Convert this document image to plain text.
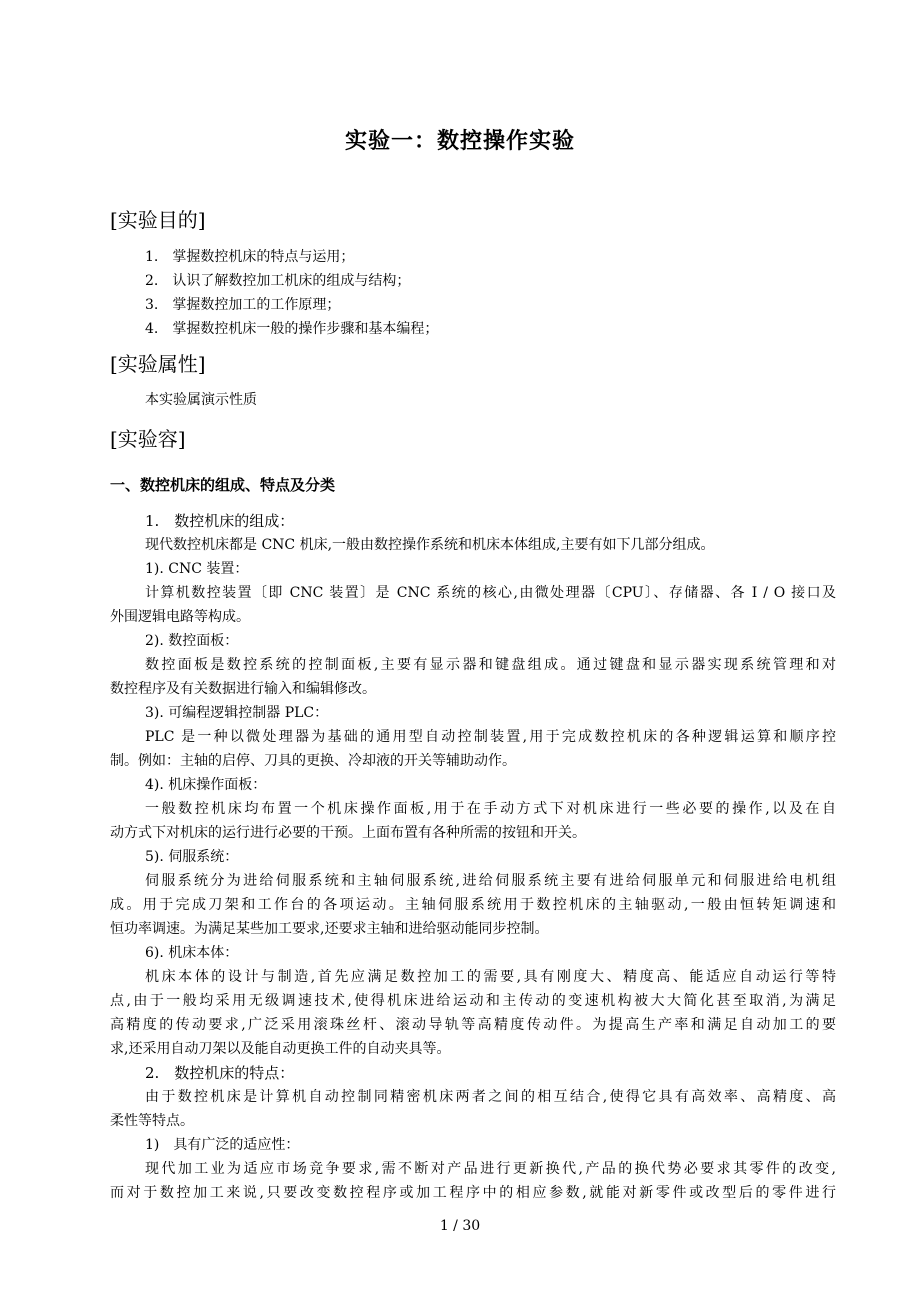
实验一：数控操作实验
[实验目的]
1.　掌握数控机床的特点与运用；
2.　认识了解数控加工机床的组成与结构；
3.　掌握数控加工的工作原理；
4.　掌握数控机床一般的操作步骤和基本编程；
[实验属性]
本实验属演示性质
[实验容]
一、数控机床的组成、特点及分类
1.　数控机床的组成：
现代数控机床都是 CNC 机床,一般由数控操作系统和机床本体组成,主要有如下几部分组成。
1). CNC 装置：
计算机数控装置〔即 CNC 装置〕是 CNC 系统的核心,由微处理器〔CPU〕、存储器、各 I / O 接口及
外围逻辑电路等构成。
2). 数控面板：
数控面板是数控系统的控制面板,主要有显示器和键盘组成。通过键盘和显示器实现系统管理和对
数控程序及有关数据进行输入和编辑修改。
3). 可编程逻辑控制器 PLC：
PLC 是一种以微处理器为基础的通用型自动控制装置,用于完成数控机床的各种逻辑运算和顺序控
制。例如：主轴的启停、刀具的更换、冷却液的开关等辅助动作。
4). 机床操作面板：
一般数控机床均布置一个机床操作面板,用于在手动方式下对机床进行一些必要的操作,以及在自
动方式下对机床的运行进行必要的干预。上面布置有各种所需的按钮和开关。
5). 伺服系统：
伺服系统分为进给伺服系统和主轴伺服系统,进给伺服系统主要有进给伺服单元和伺服进给电机组
成。用于完成刀架和工作台的各项运动。主轴伺服系统用于数控机床的主轴驱动,一般由恒转矩调速和
恒功率调速。为满足某些加工要求,还要求主轴和进给驱动能同步控制。
6). 机床本体：
机床本体的设计与制造,首先应满足数控加工的需要,具有刚度大、精度高、能适应自动运行等特
点,由于一般均采用无级调速技术,使得机床进给运动和主传动的变速机构被大大简化甚至取消,为满足
高精度的传动要求,广泛采用滚珠丝杆、滚动导轨等高精度传动件。为提高生产率和满足自动加工的要
求,还采用自动刀架以及能自动更换工件的自动夹具等。
2.　数控机床的特点：
由于数控机床是计算机自动控制同精密机床两者之间的相互结合,使得它具有高效率、高精度、高
柔性等特点。
1)　具有广泛的适应性：
现代加工业为适应市场竞争要求,需不断对产品进行更新换代,产品的换代势必要求其零件的改变,
而对于数控加工来说,只要改变数控程序或加工程序中的相应参数,就能对新零件或改型后的零件进行
1 / 30
